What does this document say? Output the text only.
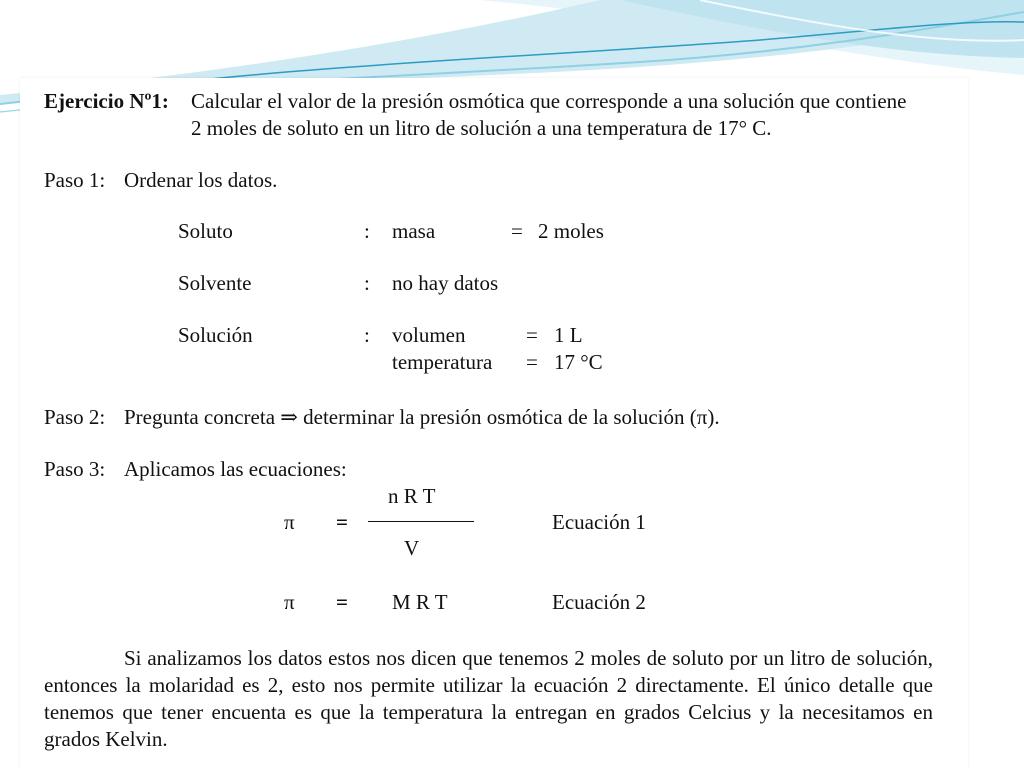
Ejercicio Nº1: Calcular el valor de la presión osmótica que corresponde a una solución que contiene
2 moles de soluto en un litro de solución a una temperatura de 17° C.
Paso 1: Ordenar los datos.
Soluto	: masa	= 2 moles
Solvente	: no hay datos
Solución	: volumen	= 1 L
temperatura = 17 °C
Paso 2: Pregunta concreta ⇒ determinar la presión osmótica de la solución (π).
Paso 3: Aplicamos las ecuaciones:
n R T
π =	Ecuación 1
V
π = M R T	Ecuación 2
Si analizamos los datos estos nos dicen que tenemos 2 moles de soluto por un litro de solución, entonces la molaridad es 2, esto nos permite utilizar la ecuación 2 directamente. El único detalle que tenemos que tener encuenta es que la temperatura la entregan en grados Celcius y la necesitamos en grados Kelvin.
